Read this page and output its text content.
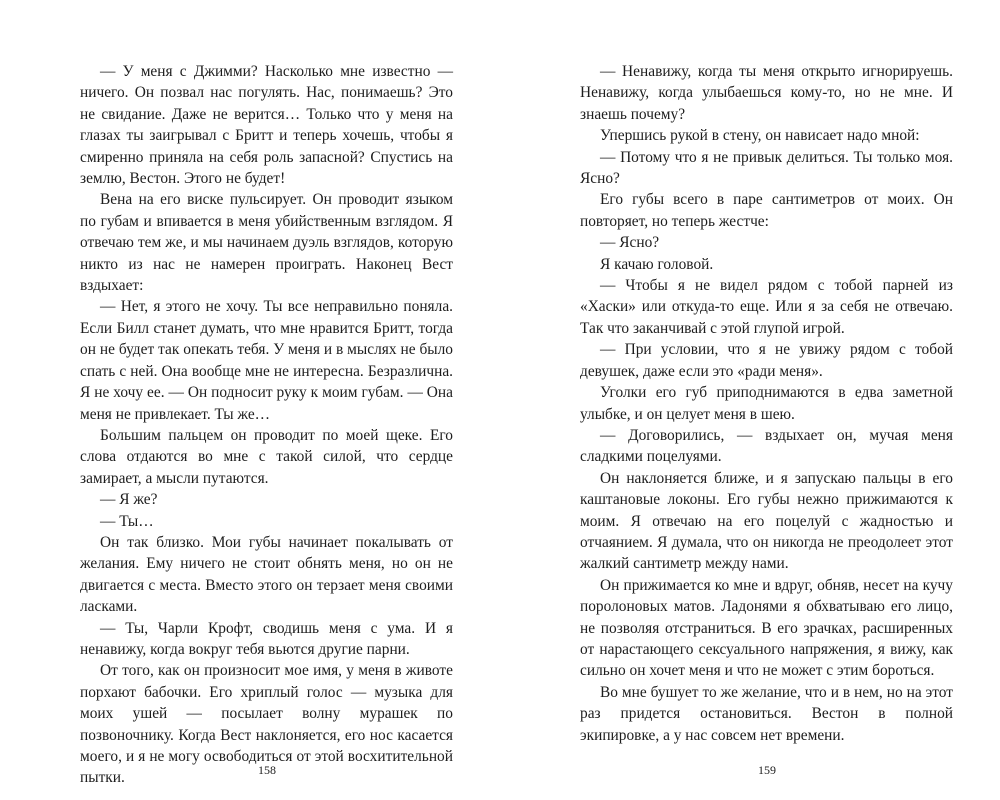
— У меня с Джимми? Насколько мне известно — ничего. Он позвал нас погулять. Нас, понимаешь? Это не свидание. Даже не верится… Только что у меня на глазах ты заигрывал с Бритт и теперь хочешь, чтобы я смиренно приняла на себя роль запасной? Спустись на землю, Вестон. Этого не будет!

Вена на его виске пульсирует. Он проводит языком по губам и впивается в меня убийственным взглядом. Я отвечаю тем же, и мы начинаем дуэль взглядов, которую никто из нас не намерен проиграть. Наконец Вест вздыхает:

— Нет, я этого не хочу. Ты все неправильно поняла. Если Билл станет думать, что мне нравится Бритт, тогда он не будет так опекать тебя. У меня и в мыслях не было спать с ней. Она вообще мне не интересна. Безразлична. Я не хочу ее. — Он подносит руку к моим губам. — Она меня не привлекает. Ты же…

Большим пальцем он проводит по моей щеке. Его слова отдаются во мне с такой силой, что сердце замирает, а мысли путаются.

— Я же?

— Ты…

Он так близко. Мои губы начинает покалывать от желания. Ему ничего не стоит обнять меня, но он не двигается с места. Вместо этого он терзает меня своими ласками.

— Ты, Чарли Крофт, сводишь меня с ума. И я ненавижу, когда вокруг тебя вьются другие парни.

От того, как он произносит мое имя, у меня в животе порхают бабочки. Его хриплый голос — музыка для моих ушей — посылает волну мурашек по позвоночнику. Когда Вест наклоняется, его нос касается моего, и я не могу освободиться от этой восхитительной пытки.	158

— Ненавижу, когда ты меня открыто игнорируешь. Ненавижу, когда улыбаешься кому-то, но не мне. И знаешь почему?

Упершись рукой в стену, он нависает надо мной:

— Потому что я не привык делиться. Ты только моя. Ясно?

Его губы всего в паре сантиметров от моих. Он повторяет, но теперь жестче:

— Ясно?

Я качаю головой.

— Чтобы я не видел рядом с тобой парней из «Хаски» или откуда-то еще. Или я за себя не отвечаю. Так что заканчивай с этой глупой игрой.

— При условии, что я не увижу рядом с тобой девушек, даже если это «ради меня».

Уголки его губ приподнимаются в едва заметной улыбке, и он целует меня в шею.

— Договорились, — вздыхает он, мучая меня сладкими поцелуями.

Он наклоняется ближе, и я запускаю пальцы в его каштановые локоны. Его губы нежно прижимаются к моим. Я отвечаю на его поцелуй с жадностью и отчаянием. Я думала, что он никогда не преодолеет этот жалкий сантиметр между нами.

Он прижимается ко мне и вдруг, обняв, несет на кучу поролоновых матов. Ладонями я обхватываю его лицо, не позволяя отстраниться. В его зрачках, расширенных от нарастающего сексуального напряжения, я вижу, как сильно он хочет меня и что не может с этим бороться.

Во мне бушует то же желание, что и в нем, но на этот раз придется остановиться. Вестон в полной экипировке, а у нас совсем нет времени.

159
